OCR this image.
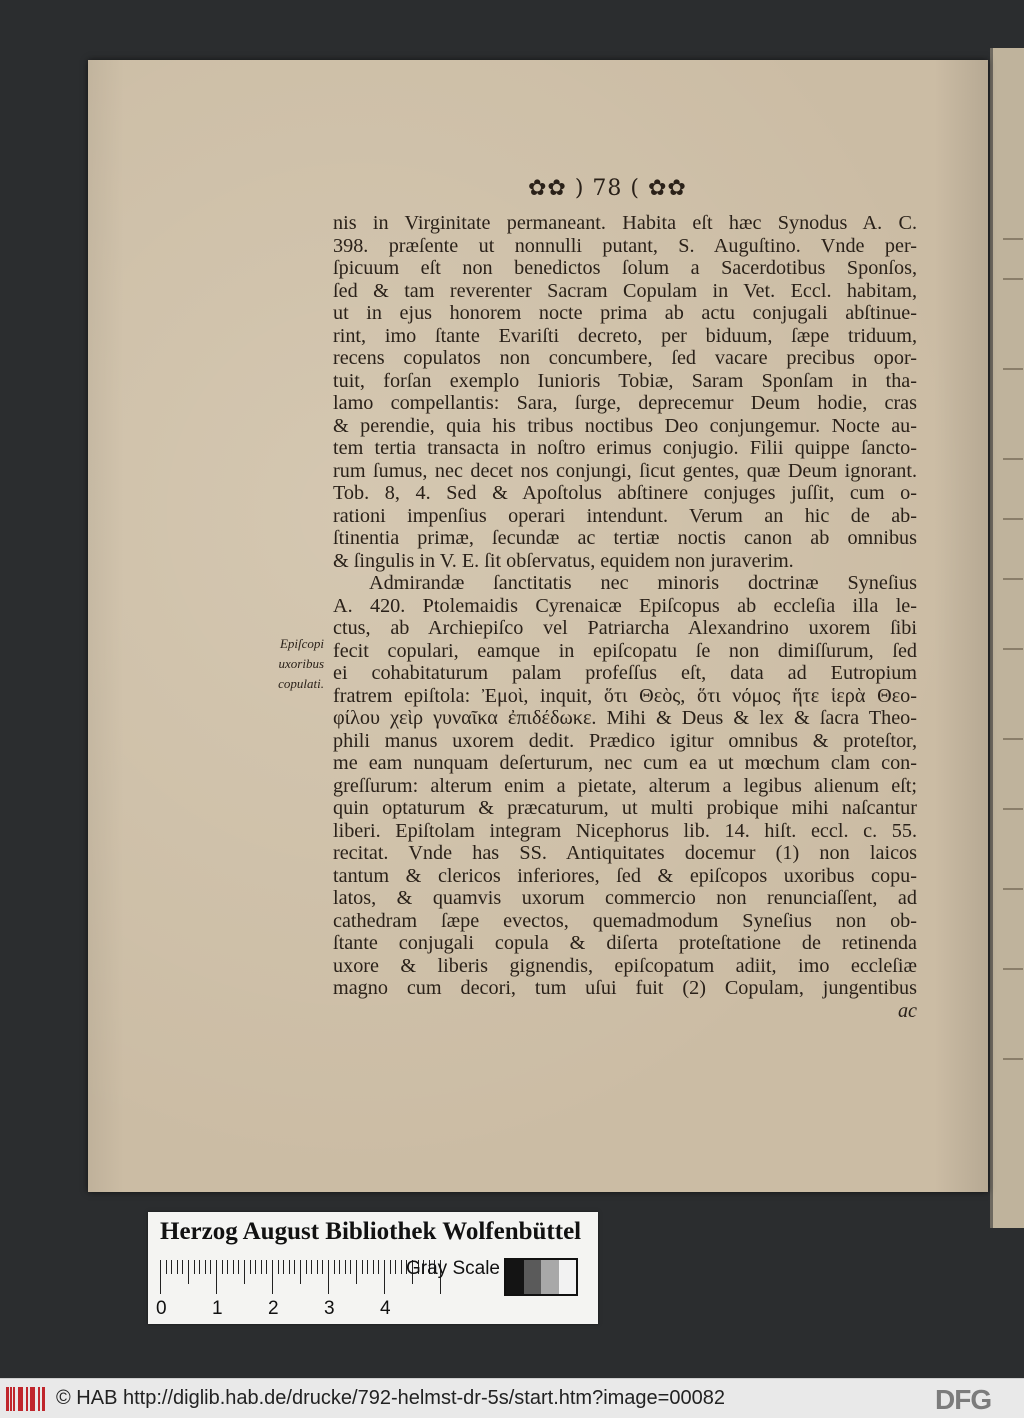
✿✿ ) 78 ( ✿✿
Epiſcopi
uxoribus
copulati.
nis in Virginitate permaneant. Habita eſt hæc Synodus A. C.
398. præſente ut nonnulli putant, S. Auguſtino. Vnde per-
ſpicuum eſt non benedictos ſolum a Sacerdotibus Sponſos,
ſed & tam reverenter Sacram Copulam in Vet. Eccl. habitam,
ut in ejus honorem nocte prima ab actu conjugali abſtinue-
rint, imo ſtante Evariſti decreto, per biduum, ſæpe triduum,
recens copulatos non concumbere, ſed vacare precibus opor-
tuit, forſan exemplo Iunioris Tobiæ, Saram Sponſam in tha-
lamo compellantis: Sara, ſurge, deprecemur Deum hodie, cras
& perendie, quia his tribus noctibus Deo conjungemur. Nocte au-
tem tertia transacta in noſtro erimus conjugio. Filii quippe ſancto-
rum ſumus, nec decet nos conjungi, ſicut gentes, quæ Deum ignorant.
Tob. 8, 4. Sed & Apoſtolus abſtinere conjuges juſſit, cum o-
rationi impenſius operari intendunt. Verum an hic de ab-
ſtinentia primæ, ſecundæ ac tertiæ noctis canon ab omnibus
& ſingulis in V. E. ſit obſervatus, equidem non juraverim.
Admirandæ ſanctitatis nec minoris doctrinæ Syneſius
A. 420. Ptolemaidis Cyrenaicæ Epiſcopus ab eccleſia illa le-
ctus, ab Archiepiſco vel Patriarcha Alexandrino uxorem ſibi
fecit copulari, eamque in epiſcopatu ſe non dimiſſurum, ſed
ei cohabitaturum palam profeſſus eſt, data ad Eutropium
fratrem epiſtola: Ἐμοὶ, inquit, ὅτι Θεὸς, ὅτι νόμος ἥτε ἱερὰ Θεο-
φίλου χεὶρ γυναῖκα ἐπιδέδωκε. Mihi & Deus & lex & ſacra Theo-
phili manus uxorem dedit. Prædico igitur omnibus & proteſtor,
me eam nunquam deſerturum, nec cum ea ut mœchum clam con-
greſſurum: alterum enim a pietate, alterum a legibus alienum eſt;
quin optaturum & præcaturum, ut multi probique mihi naſcantur
liberi. Epiſtolam integram Nicephorus lib. 14. hiſt. eccl. c. 55.
recitat. Vnde has SS. Antiquitates docemur (1) non laicos
tantum & clericos inferiores, ſed & epiſcopos uxoribus copu-
latos, & quamvis uxorum commercio non renunciaſſent, ad
cathedram ſæpe evectos, quemadmodum Syneſius non ob-
ſtante conjugali copula & diſerta proteſtatione de retinenda
uxore & liberis gignendis, epiſcopatum adiit, imo eccleſiæ
magno cum decori, tum uſui fuit (2) Copulam, jungentibus
ac
Herzog August Bibliothek Wolfenbüttel
0 1 2 3 4
Gray Scale
© HAB http://diglib.hab.de/drucke/792-helmst-dr-5s/start.htm?image=00082	DFG
